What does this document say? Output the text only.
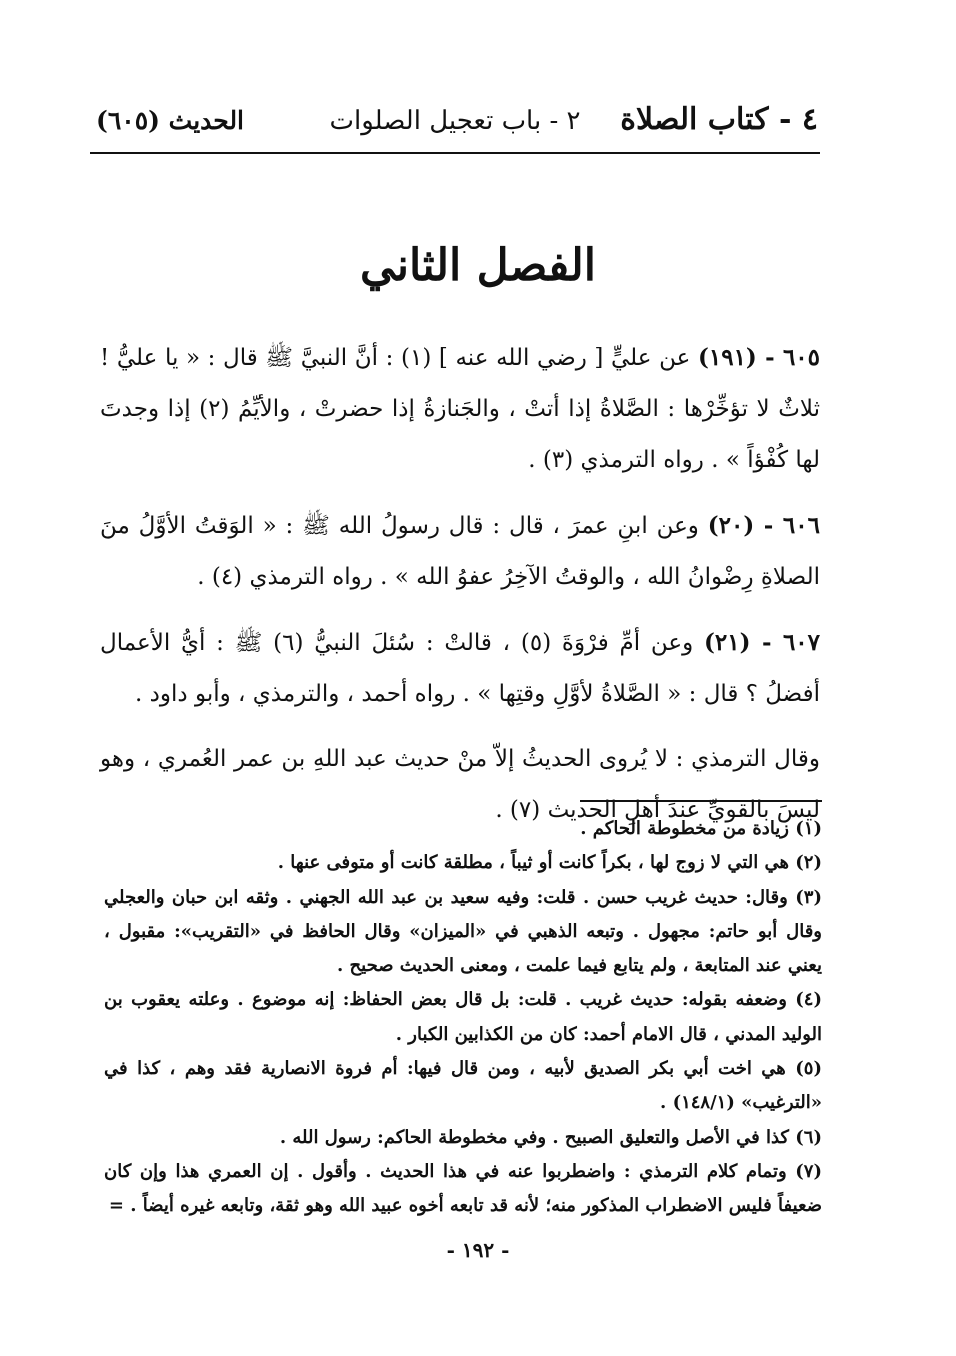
٤ - كتاب الصلاة
٢ - باب تعجيل الصلوات
الحديث (٦٠٥)
الفصل الثاني

٦٠٥ - (١٩١) عن عليٍّ [ رضي الله عنه ] (١) : أنَّ النبيَّ ﷺ قال : « يا عليُّ ! ثلاثٌ لا تؤخِّرْها : الصَّلاةُ إذا أتتْ ، والجَنازةُ إذا حضرتْ ، والأيِّمُ (٢) إذا وجدتَ لها كُفْؤاً » . رواه الترمذي (٣) .

٦٠٦ - (٢٠) وعن ابنِ عمرَ ، قال : قال رسولُ الله ﷺ : « الوَقتُ الأوَّلُ منَ الصلاةِ رِضْوانُ الله ، والوقتُ الآخِرُ عفوُ الله » . رواه الترمذي (٤) .

٦٠٧ - (٢١) وعن أمِّ فرْوَةَ (٥) ، قالتْ : سُئلَ النبيُّ (٦) ﷺ : أيُّ الأعمال أفضلُ ؟ قال : « الصَّلاةُ لأوَّلِ وقتِها » . رواه أحمد ، والترمذي ، وأبو داود .

وقال الترمذي : لا يُروى الحديثُ إلاّ منْ حديث عبد اللهِ بن عمر العُمري ، وهو ليسَ بالقويِّ عندَ أهلِ الحديث (٧) .

(١) زيادة من مخطوطة الحاكم .

(٢) هي التي لا زوج لها ، بكراً كانت أو ثيباً ، مطلقة كانت أو متوفى عنها .

(٣) وقال: حديث غريب حسن . قلت: وفيه سعيد بن عبد الله الجهني . وثقه ابن حبان والعجلي وقال أبو حاتم: مجهول . وتبعه الذهبي في «الميزان» وقال الحافظ في «التقريب»: مقبول ، يعني عند المتابعة ، ولم يتابع فيما علمت ، ومعنى الحديث صحيح .

(٤) وضعفه بقوله: حديث غريب . قلت: بل قال بعض الحفاظ: إنه موضوع . وعلته يعقوب بن الوليد المدني ، قال الامام أحمد: كان من الكذابين الكبار .

(٥) هي اخت أبي بكر الصديق لأبيه ، ومن قال فيها: أم فروة الانصارية فقد وهم ، كذا في «الترغيب» (١٤٨/١) .

(٦) كذا في الأصل والتعليق الصبيح . وفي مخطوطة الحاكم: رسول الله .

(٧) وتمام كلام الترمذي : واضطربوا عنه في هذا الحديث . وأقول . إن العمري هذا وإن كان ضعيفاً فليس الاضطراب المذكور منه؛ لأنه قد تابعه أخوه عبيد الله وهو ثقة، وتابعه غيره أيضاً . =

- ١٩٢ -
